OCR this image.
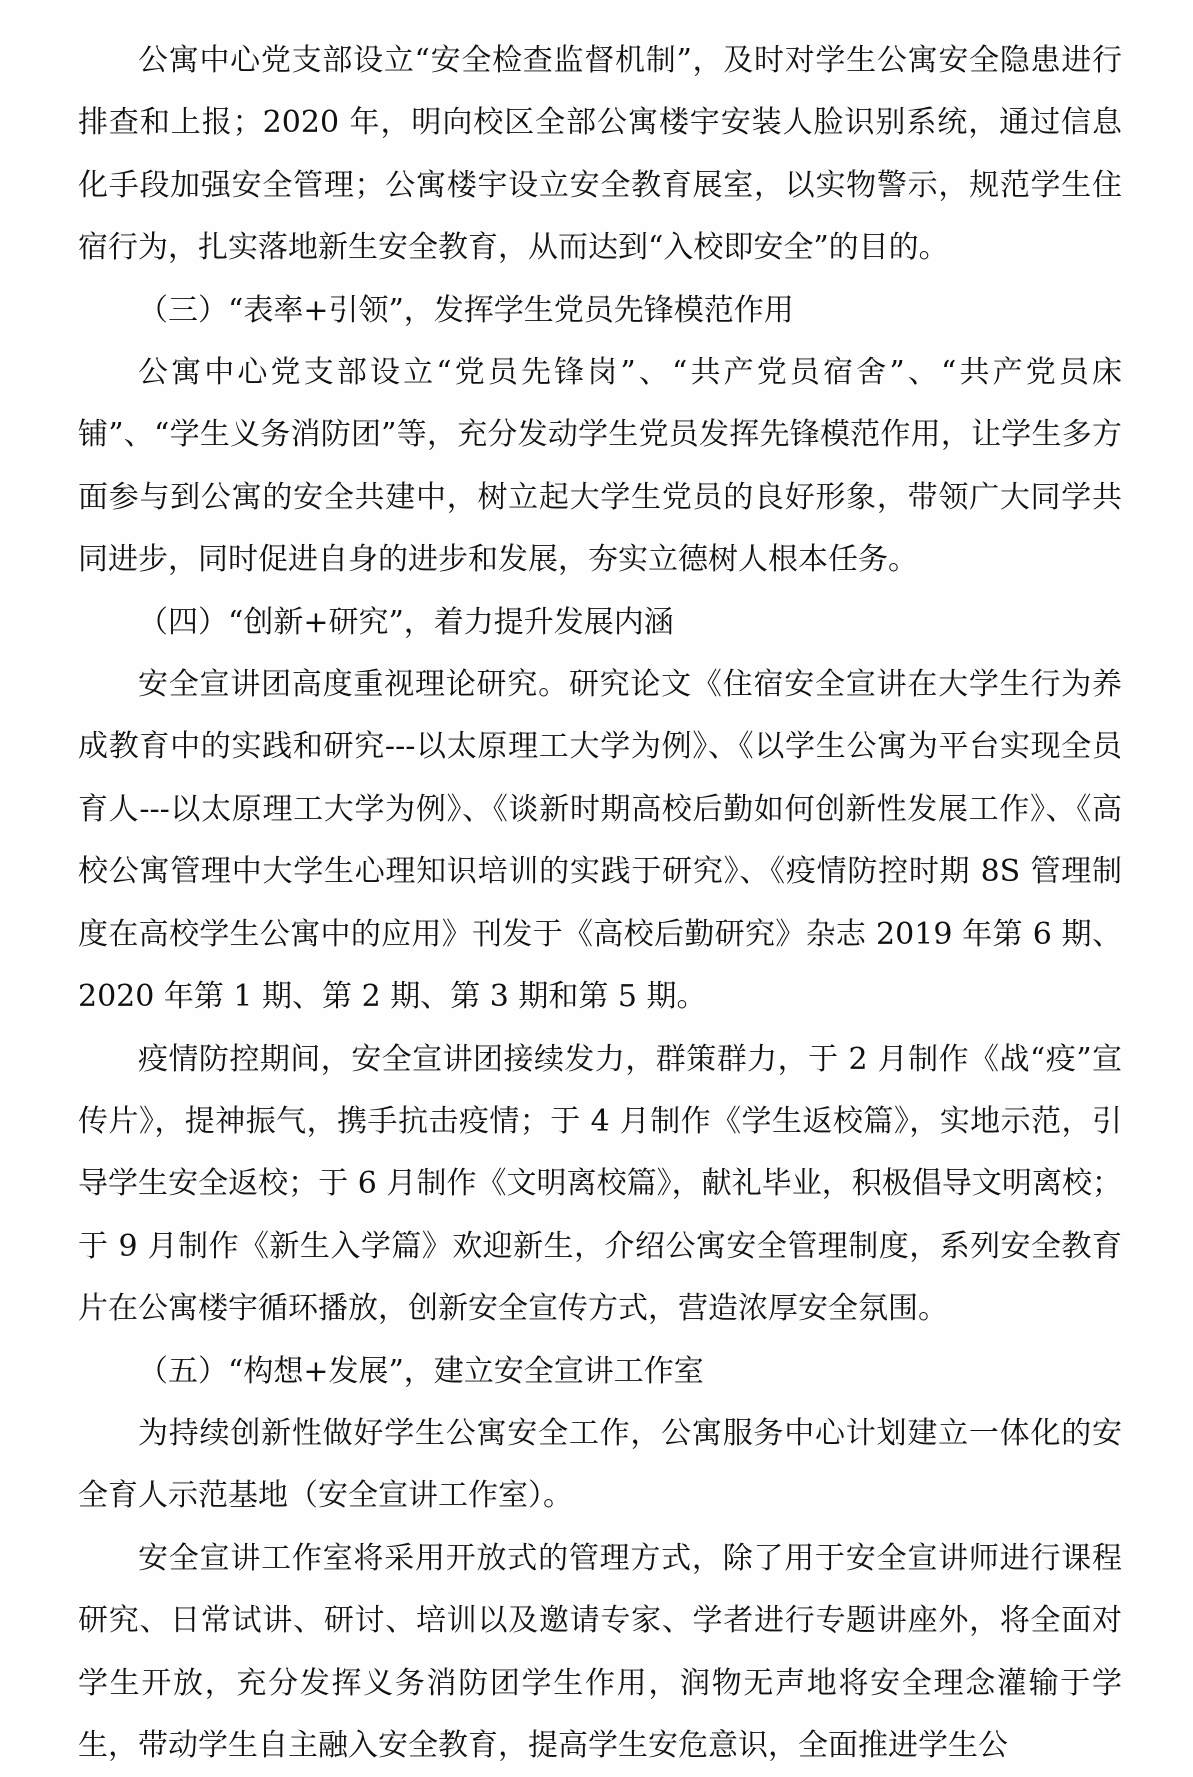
公寓中心党支部设立“安全检查监督机制”，及时对学生公寓安全隐患进行排查和上报；2020 年，明向校区全部公寓楼宇安装人脸识别系统，通过信息化手段加强安全管理；公寓楼宇设立安全教育展室，以实物警示，规范学生住宿行为，扎实落地新生安全教育，从而达到“入校即安全”的目的。

（三）“表率+引领”，发挥学生党员先锋模范作用

公寓中心党支部设立“党员先锋岗”、“共产党员宿舍”、“共产党员床铺”、“学生义务消防团”等，充分发动学生党员发挥先锋模范作用，让学生多方面参与到公寓的安全共建中，树立起大学生党员的良好形象，带领广大同学共同进步，同时促进自身的进步和发展，夯实立德树人根本任务。

（四）“创新+研究”，着力提升发展内涵

安全宣讲团高度重视理论研究。研究论文《住宿安全宣讲在大学生行为养成教育中的实践和研究---以太原理工大学为例》、《以学生公寓为平台实现全员育人---以太原理工大学为例》、《谈新时期高校后勤如何创新性发展工作》、《高校公寓管理中大学生心理知识培训的实践于研究》、《疫情防控时期 8S 管理制度在高校学生公寓中的应用》刊发于《高校后勤研究》杂志 2019 年第 6 期、2020 年第 1 期、第 2 期、第 3 期和第 5 期。

疫情防控期间，安全宣讲团接续发力，群策群力，于 2 月制作《战“疫”宣传片》，提神振气，携手抗击疫情；于 4 月制作《学生返校篇》，实地示范，引导学生安全返校；于 6 月制作《文明离校篇》，献礼毕业，积极倡导文明离校；于 9 月制作《新生入学篇》欢迎新生，介绍公寓安全管理制度，系列安全教育片在公寓楼宇循环播放，创新安全宣传方式，营造浓厚安全氛围。

（五）“构想+发展”，建立安全宣讲工作室

为持续创新性做好学生公寓安全工作，公寓服务中心计划建立一体化的安全育人示范基地（安全宣讲工作室）。

安全宣讲工作室将采用开放式的管理方式，除了用于安全宣讲师进行课程研究、日常试讲、研讨、培训以及邀请专家、学者进行专题讲座外，将全面对学生开放，充分发挥义务消防团学生作用，润物无声地将安全理念灌输于学生，带动学生自主融入安全教育，提高学生安危意识，全面推进学生公
